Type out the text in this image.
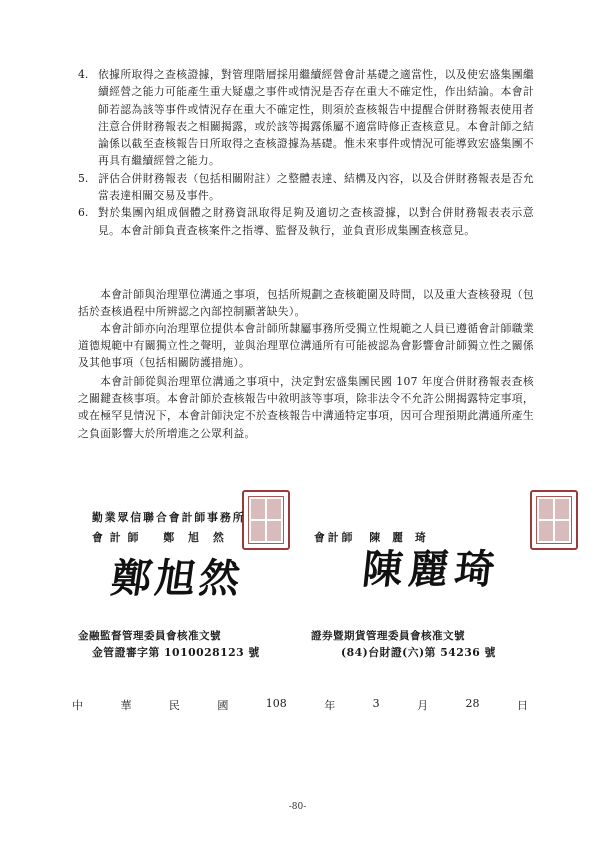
4. 依據所取得之查核證據，對管理階層採用繼續經營會計基礎之適當性，以及使宏盛集團繼續經營之能力可能產生重大疑慮之事件或情況是否存在重大不確定性，作出結論。本會計師若認為該等事件或情況存在重大不確定性，則須於查核報告中提醒合併財務報表使用者注意合併財務報表之相關揭露，或於該等揭露係屬不適當時修正查核意見。本會計師之結論係以截至查核報告日所取得之查核證據為基礎。惟未來事件或情況可能導致宏盛集團不再具有繼續經營之能力。
5. 評估合併財務報表（包括相關附註）之整體表達、結構及內容，以及合併財務報表是否允當表達相關交易及事件。
6. 對於集團內組成個體之財務資訊取得足夠及適切之查核證據，以對合併財務報表表示意見。本會計師負責查核案件之指導、監督及執行，並負責形成集團查核意見。
本會計師與治理單位溝通之事項，包括所規劃之查核範圍及時間，以及重大查核發現（包括於查核過程中所辨認之內部控制顯著缺失）。
本會計師亦向治理單位提供本會計師所隸屬事務所受獨立性規範之人員已遵循會計師職業道德規範中有關獨立性之聲明，並與治理單位溝通所有可能被認為會影響會計師獨立性之關係及其他事項（包括相關防護措施）。
本會計師從與治理單位溝通之事項中，決定對宏盛集團民國 107 年度合併財務報表查核之關鍵查核事項。本會計師於查核報告中敘明該等事項，除非法令不允許公開揭露特定事項，或在極罕見情況下，本會計師決定不於查核報告中溝通特定事項，因可合理預期此溝通所產生之負面影響大於所增進之公眾利益。
勤業眾信聯合會計師事務所
會計師 鄭旭然	會計師 陳麗琦
鄭旭然	陳麗琦
金融監督管理委員會核准文號
金管證審字第 1010028123 號
證券暨期貨管理委員會核准文號
(84)台財證(六)第 54236 號
中	華	民	國	108	年	3	月	28	日
-80-
